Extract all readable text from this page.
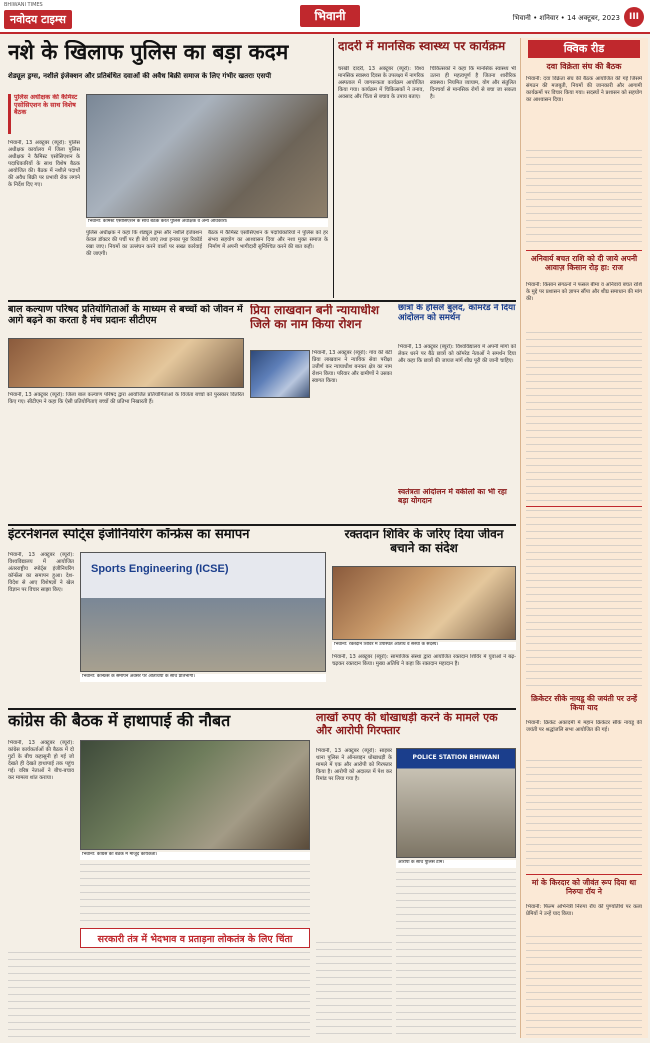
BHIWANI TIMES
नवोदय टाइम्स	भिवानी	भिवानी • शनिवार • 14 अक्टूबर, 2023 III
नशे के खिलाफ पुलिस का बड़ा कदम
शेड्यूल ड्रग्स, नशीले इंजेक्शन और प्रतिबंधित दवाओं की अवैध बिक्री समाज के लिए गंभीर खतराः एसपी
पुलिस अधीक्षक की कैमिस्ट एसोसिएशन के साथ विशेष बैठक
भिवानी, 13 अक्टूबर (ब्यूरो): पुलिस अधीक्षक कार्यालय में जिला पुलिस अधीक्षक ने कैमिस्ट एसोसिएशन के पदाधिकारियों के साथ विशेष बैठक आयोजित की। बैठक में नशीले पदार्थों की अवैध बिक्री पर प्रभावी रोक लगाने के निर्देश दिए गए।
भिवानी: कैमिस्ट एसोसिएशन के साथ बैठक करते पुलिस अधीक्षक व अन्य अधिकारी।
पुलिस अधीक्षक ने कहा कि शेड्यूल ड्रग्स और नशीले इंजेक्शन केवल डॉक्टर की पर्ची पर ही बेचे जाएं तथा इनका पूरा रिकॉर्ड रखा जाए। नियमों का उल्लंघन करने वालों पर सख्त कार्रवाई की जाएगी।
बैठक में कैमिस्ट एसोसिएशन के पदाधिकारियों ने पुलिस को हर संभव सहयोग का आश्वासन दिया और नशा मुक्त समाज के निर्माण में अपनी भागीदारी सुनिश्चित करने की बात कही।
दादरी में मानसिक स्वास्थ्य पर कार्यक्रम
चरखी दादरी, 13 अक्टूबर (ब्यूरो): विश्व मानसिक स्वास्थ्य दिवस के उपलक्ष्य में नागरिक अस्पताल में जागरूकता कार्यक्रम आयोजित किया गया। कार्यक्रम में चिकित्सकों ने तनाव, अवसाद और चिंता से बचाव के उपाय बताए।
चिकित्सकों ने कहा कि मानसिक स्वास्थ्य भी उतना ही महत्वपूर्ण है जितना शारीरिक स्वास्थ्य। नियमित व्यायाम, योग और संतुलित दिनचर्या से मानसिक रोगों से बचा जा सकता है।
बाल कल्याण परिषद प्रतियोगिताओं के माध्यम से बच्चों को जीवन में आगे बढ़ने का करता है मंच प्रदानः सीटीएम
भिवानी, 13 अक्टूबर (ब्यूरो): जिला बाल कल्याण परिषद द्वारा आयोजित प्रतियोगिताओं के विजेता बच्चों को पुरस्कार वितरित किए गए। सीटीएम ने कहा कि ऐसी प्रतियोगिताएं बच्चों की प्रतिभा निखारती हैं।
प्रिया लाखवान बनी न्यायाधीश जिले का नाम किया रोशन
भिवानी, 13 अक्टूबर (ब्यूरो): गांव की बेटी प्रिया लाखवान ने न्यायिक सेवा परीक्षा उत्तीर्ण कर न्यायाधीश बनकर क्षेत्र का नाम रोशन किया। परिवार और ग्रामीणों ने उसका स्वागत किया।
छात्रों के हौसले बुलंद, कॉमरेड ने दिया आंदोलन को समर्थन
भिवानी, 13 अक्टूबर (ब्यूरो): विश्वविद्यालय में अपनी मांगों को लेकर धरने पर बैठे छात्रों को कॉमरेड नेताओं ने समर्थन दिया और कहा कि छात्रों की जायज मांगें शीघ्र पूरी की जानी चाहिए।
स्वतंत्रता आंदोलन में वकीलों का भी रहा बड़ा योगदान
इंटरनेशनल स्पोर्ट्स इंजीनियरिंग कॉन्फ्रेंस का समापन
भिवानी, 13 अक्टूबर (ब्यूरो): विश्वविद्यालय में आयोजित अंतरराष्ट्रीय स्पोर्ट्स इंजीनियरिंग कॉन्फ्रेंस का समापन हुआ। देश-विदेश से आए विशेषज्ञों ने खेल विज्ञान पर विचार साझा किए।
Sports Engineering (ICSE)
भिवानी: कॉन्फ्रेंस के समापन अवसर पर अतिथियों के साथ प्रतिभागी।
रक्तदान शिविर के जरिए दिया जीवन बचाने का संदेश
भिवानी: रक्तदान शिविर में उपस्थित अतिथि व संस्था के सदस्य।
भिवानी, 13 अक्टूबर (ब्यूरो): सामाजिक संस्था द्वारा आयोजित रक्तदान शिविर में युवाओं ने बढ़-चढ़कर रक्तदान किया। मुख्य अतिथि ने कहा कि रक्तदान महादान है।
कांग्रेस की बैठक में हाथापाई की नौबत
भिवानी, 13 अक्टूबर (ब्यूरो): कांग्रेस कार्यकर्ताओं की बैठक में दो गुटों के बीच कहासुनी हो गई जो देखते ही देखते हाथापाई तक पहुंच गई। वरिष्ठ नेताओं ने बीच-बचाव कर मामला शांत कराया।
भिवानी: कांग्रेस की बैठक में मौजूद कार्यकर्ता।
सरकारी तंत्र में भेदभाव व प्रताड़ना लोकतंत्र के लिए चिंता
लाखों रुपए की धोखाधड़ी करने के मामले एक और आरोपी गिरफ्तार
भिवानी, 13 अक्टूबर (ब्यूरो): साइबर थाना पुलिस ने ऑनलाइन धोखाधड़ी के मामले में एक और आरोपी को गिरफ्तार किया है। आरोपी को अदालत में पेश कर रिमांड पर लिया गया है।
POLICE STATION BHIWANI
आरोपी के साथ पुलिस टीम।
क्विक रीड
दवा विक्रेता संघ की बैठक
भिवानी: दवा विक्रेता संघ की बैठक आयोजित की गई जिसमें संगठन की मजबूती, नियमों की जानकारी और आगामी कार्यक्रमों पर विचार किया गया। सदस्यों ने प्रशासन को सहयोग का आश्वासन दिया।
अनिवार्य बचत राशि को दी जाये अपनी आवाज़ किसान रोड़ हा: राज
भिवानी: किसान संगठनों ने फसल बीमा व अनिवार्य बचत राशि के मुद्दे पर प्रशासन को ज्ञापन सौंपा और शीघ्र समाधान की मांग की।
क्रिकेटर सीके नायडू की जयंती पर उन्हें किया याद
भिवानी: क्रिकेट अकादमी में महान क्रिकेटर सीके नायडू की जयंती पर श्रद्धांजलि सभा आयोजित की गई।
मां के किरदार को जीवंत रूप दिया था निरुपा रॉय ने
भिवानी: फिल्म अभिनेत्री निरुपा रॉय की पुण्यतिथि पर कला प्रेमियों ने उन्हें याद किया।
